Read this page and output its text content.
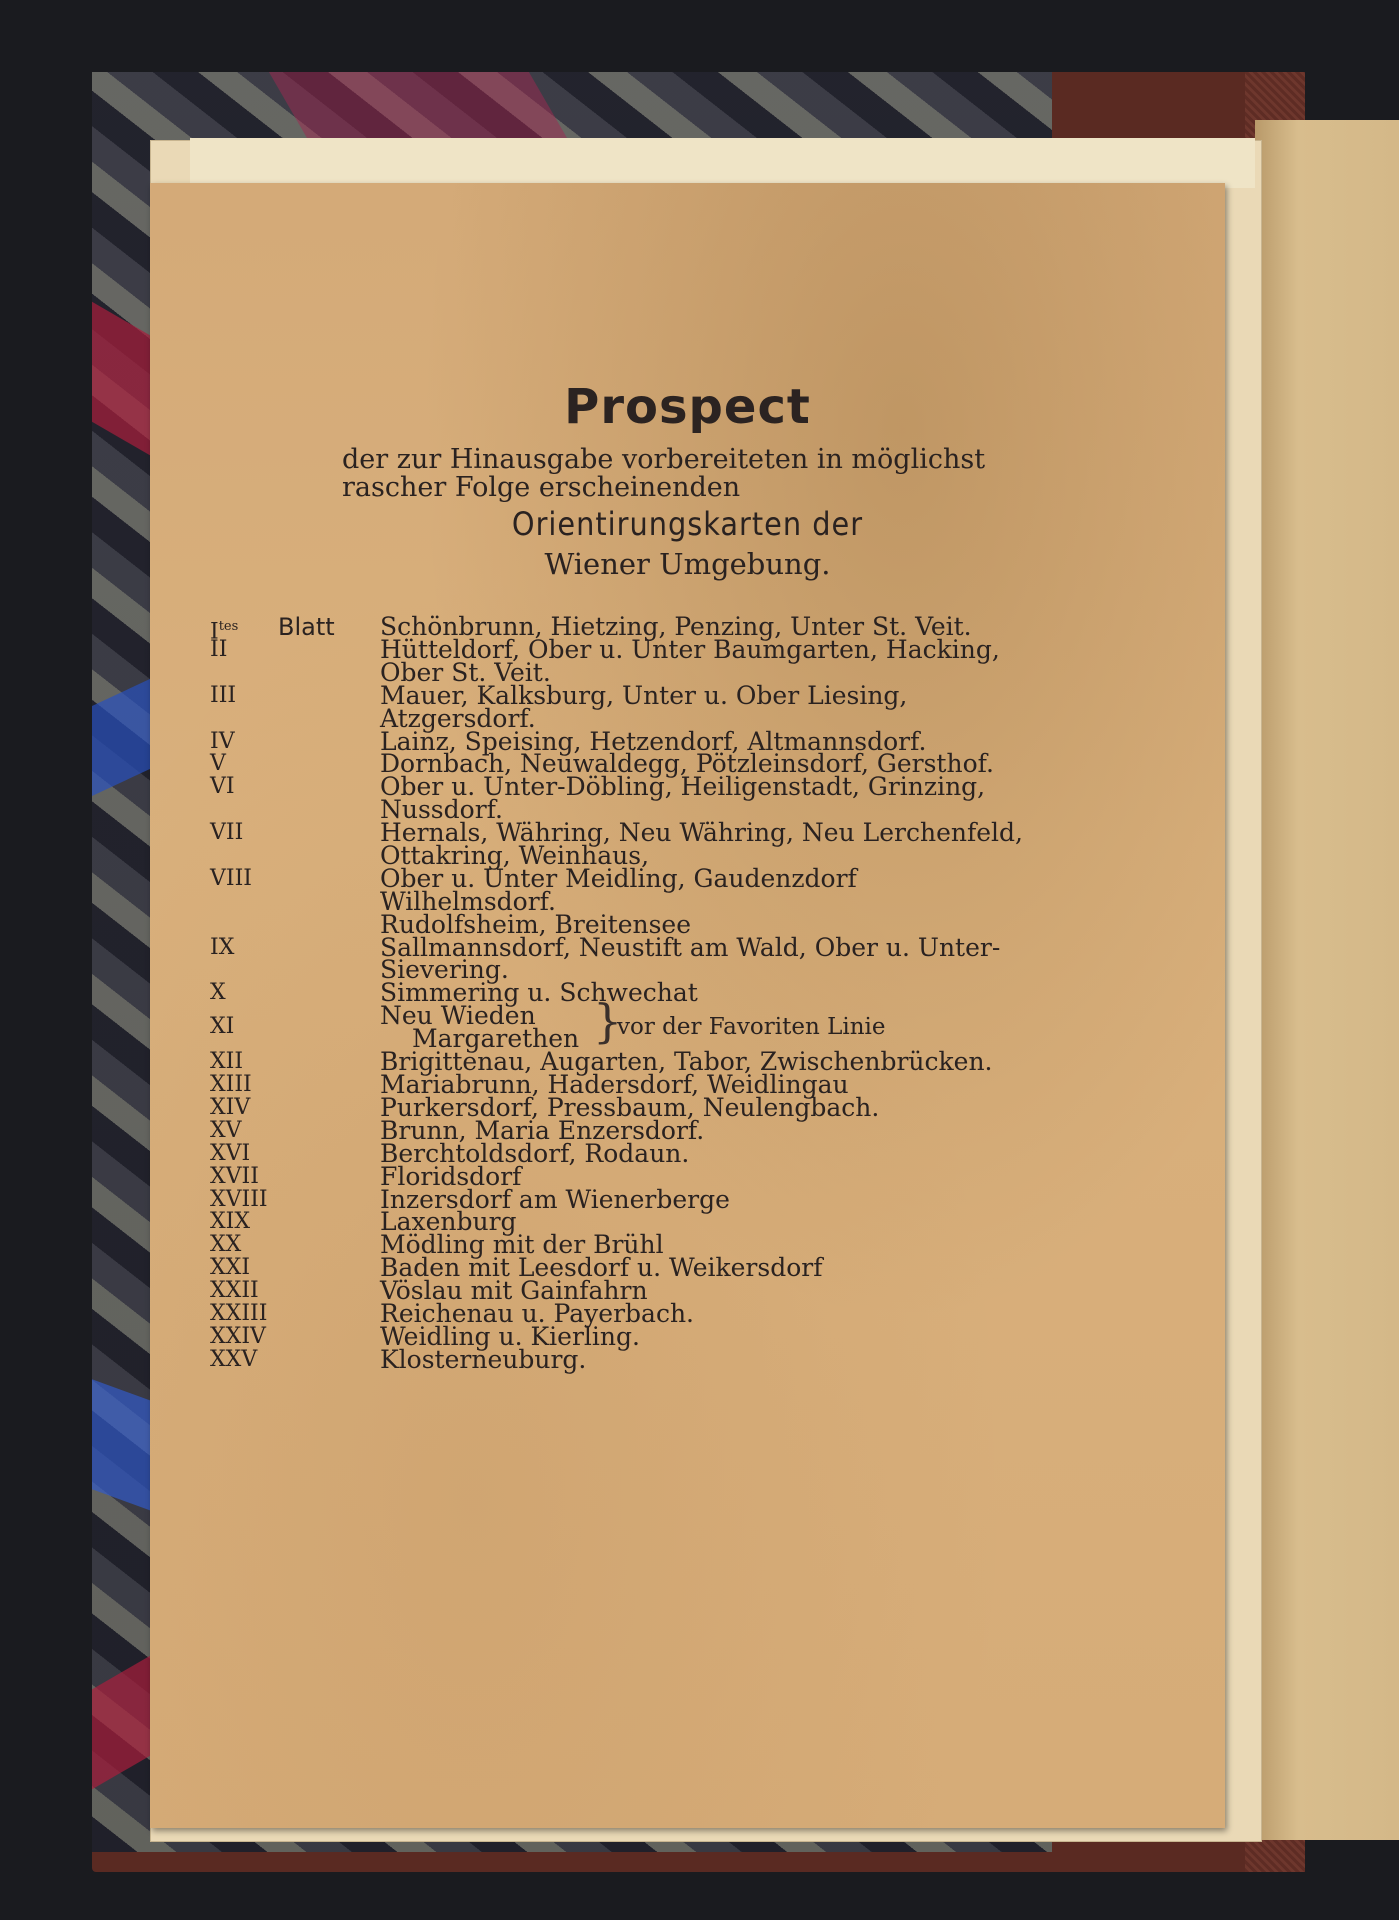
Prospect
der zur Hinausgabe vorbereiteten in möglichst
rascher Folge erscheinenden
Orientirungskarten der
Wiener Umgebung.
Blatt
$I^{tes}$	Schönbrunn, Hietzing, Penzing, Unter St. Veit.
II	Hütteldorf, Ober u. Unter Baumgarten, Hacking,
Ober St. Veit.
III	Mauer, Kalksburg, Unter u. Ober Liesing,
Atzgersdorf.
IV	Lainz, Speising, Hetzendorf, Altmannsdorf.
V	Dornbach, Neuwaldegg, Pötzleinsdorf, Gersthof.
VI	Ober u. Unter-Döbling, Heiligenstadt, Grinzing,
Nussdorf.
VII	Hernals, Währing, Neu Währing, Neu Lerchenfeld,
Ottakring, Weinhaus,
VIII	Ober u. Unter Meidling, Gaudenzdorf
Wilhelmsdorf.
Rudolfsheim, Breitensee
IX	Sallmannsdorf, Neustift am Wald, Ober u. Unter-
Sievering.
X	Simmering u. Schwechat
XI	Neu Wieden
Margarethen }
vor der Favoriten Linie
XII	Brigittenau, Augarten, Tabor, Zwischenbrücken.
XIII	Mariabrunn, Hadersdorf, Weidlingau
XIV	Purkersdorf, Pressbaum, Neulengbach.
XV	Brunn, Maria Enzersdorf.
XVI	Berchtoldsdorf, Rodaun.
XVII	Floridsdorf
XVIII	Inzersdorf am Wienerberge
XIX	Laxenburg
XX	Mödling mit der Brühl
XXI	Baden mit Leesdorf u. Weikersdorf
XXII	Vöslau mit Gainfahrn
XXIII	Reichenau u. Payerbach.
XXIV	Weidling u. Kierling.
XXV	Klosterneuburg.
